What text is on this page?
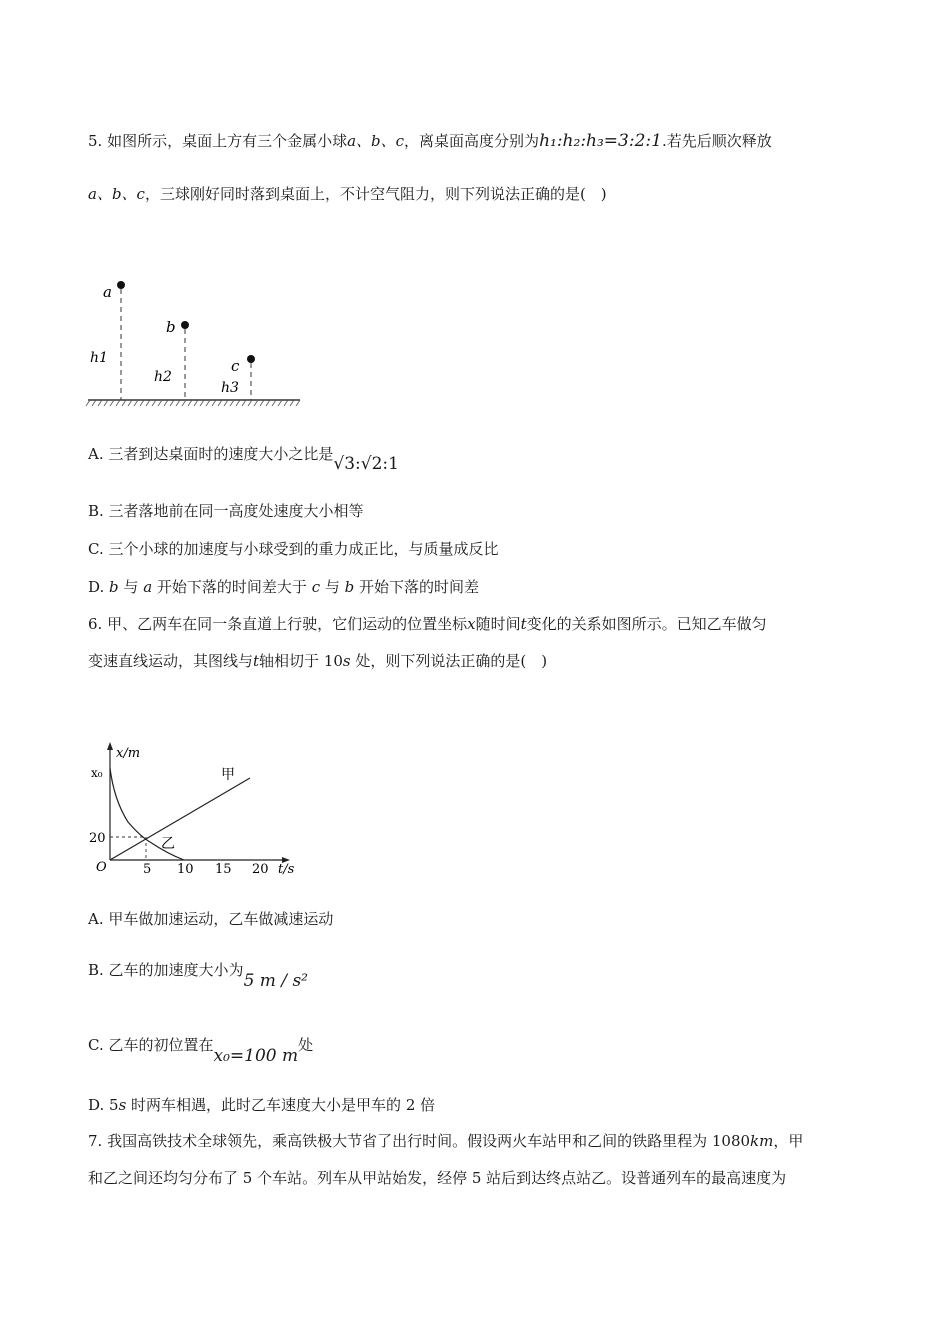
5. 如图所示，桌面上方有三个金属小球a、b、c，离桌面高度分别为h₁:h₂:h₃=3:2:1.若先后顺次释放
a、b、c，三球刚好同时落到桌面上，不计空气阻力，则下列说法正确的是(　)
a
h1
b
h2
c
h3
A. 三者到达桌面时的速度大小之比是√3:√2:1
B. 三者落地前在同一高度处速度大小相等
C. 三个小球的加速度与小球受到的重力成正比，与质量成反比
D. b 与 a 开始下落的时间差大于 c 与 b 开始下落的时间差
6. 甲、乙两车在同一条直道上行驶，它们运动的位置坐标x随时间t变化的关系如图所示。已知乙车做匀
变速直线运动，其图线与t轴相切于 10s 处，则下列说法正确的是(　)
x/m
t/s
O
x₀
20
5 10 15 20
甲
乙
A. 甲车做加速运动，乙车做减速运动
B. 乙车的加速度大小为5 m / s²
C. 乙车的初位置在x₀=100 m处
D. 5s 时两车相遇，此时乙车速度大小是甲车的 2 倍
7. 我国高铁技术全球领先，乘高铁极大节省了出行时间。假设两火车站甲和乙间的铁路里程为 1080km，甲
和乙之间还均匀分布了 5 个车站。列车从甲站始发，经停 5 站后到达终点站乙。设普通列车的最高速度为
